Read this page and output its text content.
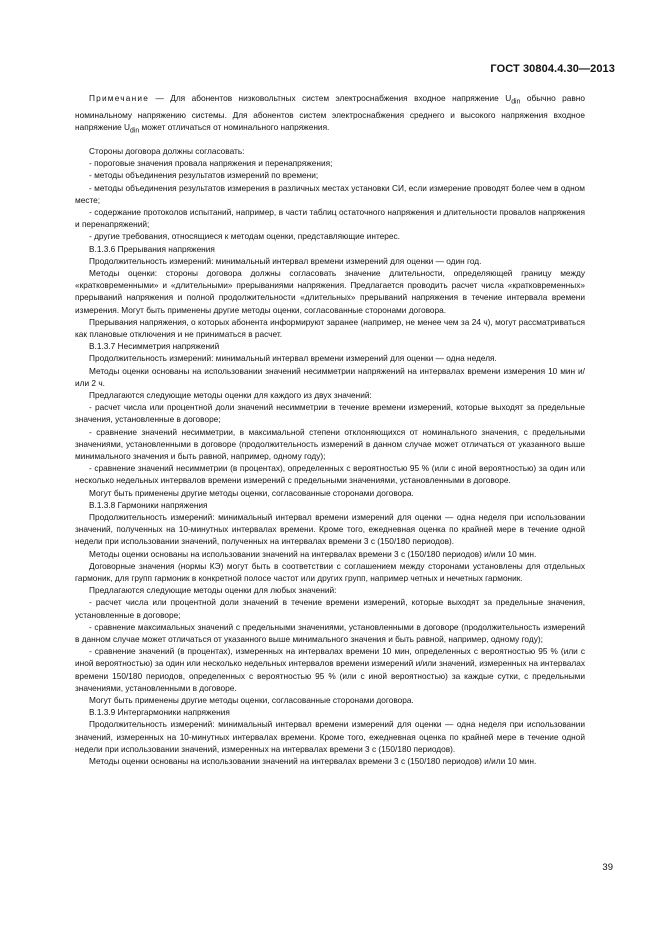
ГОСТ 30804.4.30—2013

Примечание — Для абонентов низковольтных систем электроснабжения входное напряжение $U_{din}$ обычно равно номинальному напряжению системы. Для абонентов систем электроснабжения среднего и высокого напряжения входное напряжение $U_{din}$ может отличаться от номинального напряжения.

Стороны договора должны согласовать:

- пороговые значения провала напряжения и перенапряжения;

- методы объединения результатов измерений по времени;

- методы объединения результатов измерения в различных местах установки СИ, если измерение проводят более чем в одном месте;

- содержание протоколов испытаний, например, в части таблиц остаточного напряжения и длительности провалов напряжения и перенапряжений;

- другие требования, относящиеся к методам оценки, представляющие интерес.

В.1.3.6 Прерывания напряжения

Продолжительность измерений: минимальный интервал времени измерений для оценки — один год.

Методы оценки: стороны договора должны согласовать значение длительности, определяющей границу между «кратковременными» и «длительными» прерываниями напряжения. Предлагается проводить расчет числа «кратковременных» прерываний напряжения и полной продолжительности «длительных» прерываний напряжения в течение интервала времени измерения. Могут быть применены другие методы оценки, согласованные сторонами договора.

Прерывания напряжения, о которых абонента информируют заранее (например, не менее чем за 24 ч), могут рассматриваться как плановые отключения и не приниматься в расчет.

В.1.3.7 Несимметрия напряжений

Продолжительность измерений: минимальный интервал времени измерений для оценки — одна неделя.

Методы оценки основаны на использовании значений несимметрии напряжений на интервалах времени измерения 10 мин и/или 2 ч.

Предлагаются следующие методы оценки для каждого из двух значений:

- расчет числа или процентной доли значений несимметрии в течение времени измерений, которые выходят за предельные значения, установленные в договоре;

- сравнение значений несимметрии, в максимальной степени отклоняющихся от номинального значения, с предельными значениями, установленными в договоре (продолжительность измерений в данном случае может отличаться от указанного выше минимального значения и быть равной, например, одному году);

- сравнение значений несимметрии (в процентах), определенных с вероятностью 95 % (или с иной вероятностью) за один или несколько недельных интервалов времени измерений с предельными значениями, установленными в договоре.

Могут быть применены другие методы оценки, согласованные сторонами договора.

В.1.3.8 Гармоники напряжения

Продолжительность измерений: минимальный интервал времени измерений для оценки — одна неделя при использовании значений, полученных на 10-минутных интервалах времени. Кроме того, ежедневная оценка по крайней мере в течение одной недели при использовании значений, полученных на интервалах времени 3 с (150/180 периодов).

Методы оценки основаны на использовании значений на интервалах времени 3 с (150/180 периодов) и/или 10 мин.

Договорные значения (нормы КЭ) могут быть в соответствии с соглашением между сторонами установлены для отдельных гармоник, для групп гармоник в конкретной полосе частот или других групп, например четных и нечетных гармоник.

Предлагаются следующие методы оценки для любых значений:

- расчет числа или процентной доли значений в течение времени измерений, которые выходят за предельные значения, установленные в договоре;

- сравнение максимальных значений с предельными значениями, установленными в договоре (продолжительность измерений в данном случае может отличаться от указанного выше минимального значения и быть равной, например, одному году);

- сравнение значений (в процентах), измеренных на интервалах времени 10 мин, определенных с вероятностью 95 % (или с иной вероятностью) за один или несколько недельных интервалов времени измерений и/или значений, измеренных на интервалах времени 150/180 периодов, определенных с вероятностью 95 % (или с иной вероятностью) за каждые сутки, с предельными значениями, установленными в договоре.

Могут быть применены другие методы оценки, согласованные сторонами договора.

В.1.3.9 Интергармоники напряжения

Продолжительность измерений: минимальный интервал времени измерений для оценки — одна неделя при использовании значений, измеренных на 10-минутных интервалах времени. Кроме того, ежедневная оценка по крайней мере в течение одной недели при использовании значений, измеренных на интервалах времени 3 с (150/180 периодов).

Методы оценки основаны на использовании значений на интервалах времени 3 с (150/180 периодов) и/или 10 мин.

39
